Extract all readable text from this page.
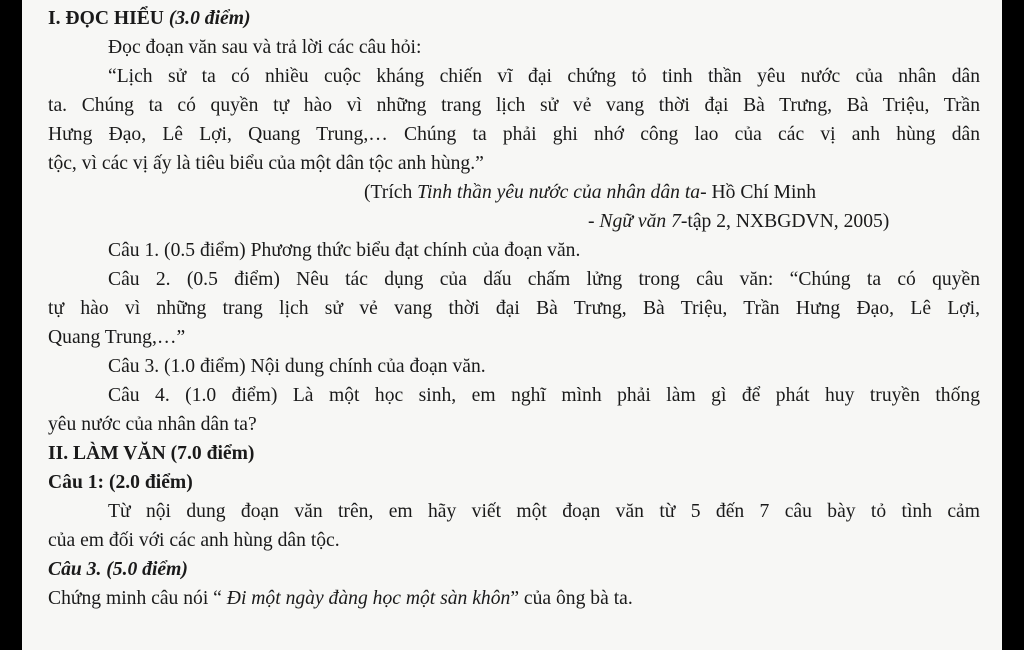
I. ĐỌC HIỂU (3.0 điểm)
Đọc đoạn văn sau và trả lời các câu hỏi:
“Lịch sử ta có nhiều cuộc kháng chiến vĩ đại chứng tỏ tinh thần yêu nước của nhân dân
ta. Chúng ta có quyền tự hào vì những trang lịch sử vẻ vang thời đại Bà Trưng, Bà Triệu, Trần
Hưng Đạo, Lê Lợi, Quang Trung,… Chúng ta phải ghi nhớ công lao của các vị anh hùng dân
tộc, vì các vị ấy là tiêu biểu của một dân tộc anh hùng.”
(Trích Tinh thần yêu nước của nhân dân ta- Hồ Chí Minh
- Ngữ văn 7-tập 2, NXBGDVN, 2005)
Câu 1. (0.5 điểm) Phương thức biểu đạt chính của đoạn văn.
Câu 2. (0.5 điểm) Nêu tác dụng của dấu chấm lửng trong câu văn: “Chúng ta có quyền
tự hào vì những trang lịch sử vẻ vang thời đại Bà Trưng, Bà Triệu, Trần Hưng Đạo, Lê Lợi,
Quang Trung,…”
Câu 3. (1.0 điểm) Nội dung chính của đoạn văn.
Câu 4. (1.0 điểm) Là một học sinh, em nghĩ mình phải làm gì để phát huy truyền thống
yêu nước của nhân dân ta?
II. LÀM VĂN (7.0 điểm)
Câu 1: (2.0 điểm)
Từ nội dung đoạn văn trên, em hãy viết một đoạn văn từ 5 đến 7 câu bày tỏ tình cảm
của em đối với các anh hùng dân tộc.
Câu 3. (5.0 điểm)
Chứng minh câu nói “ Đi một ngày đàng học một sàn khôn” của ông bà ta.
